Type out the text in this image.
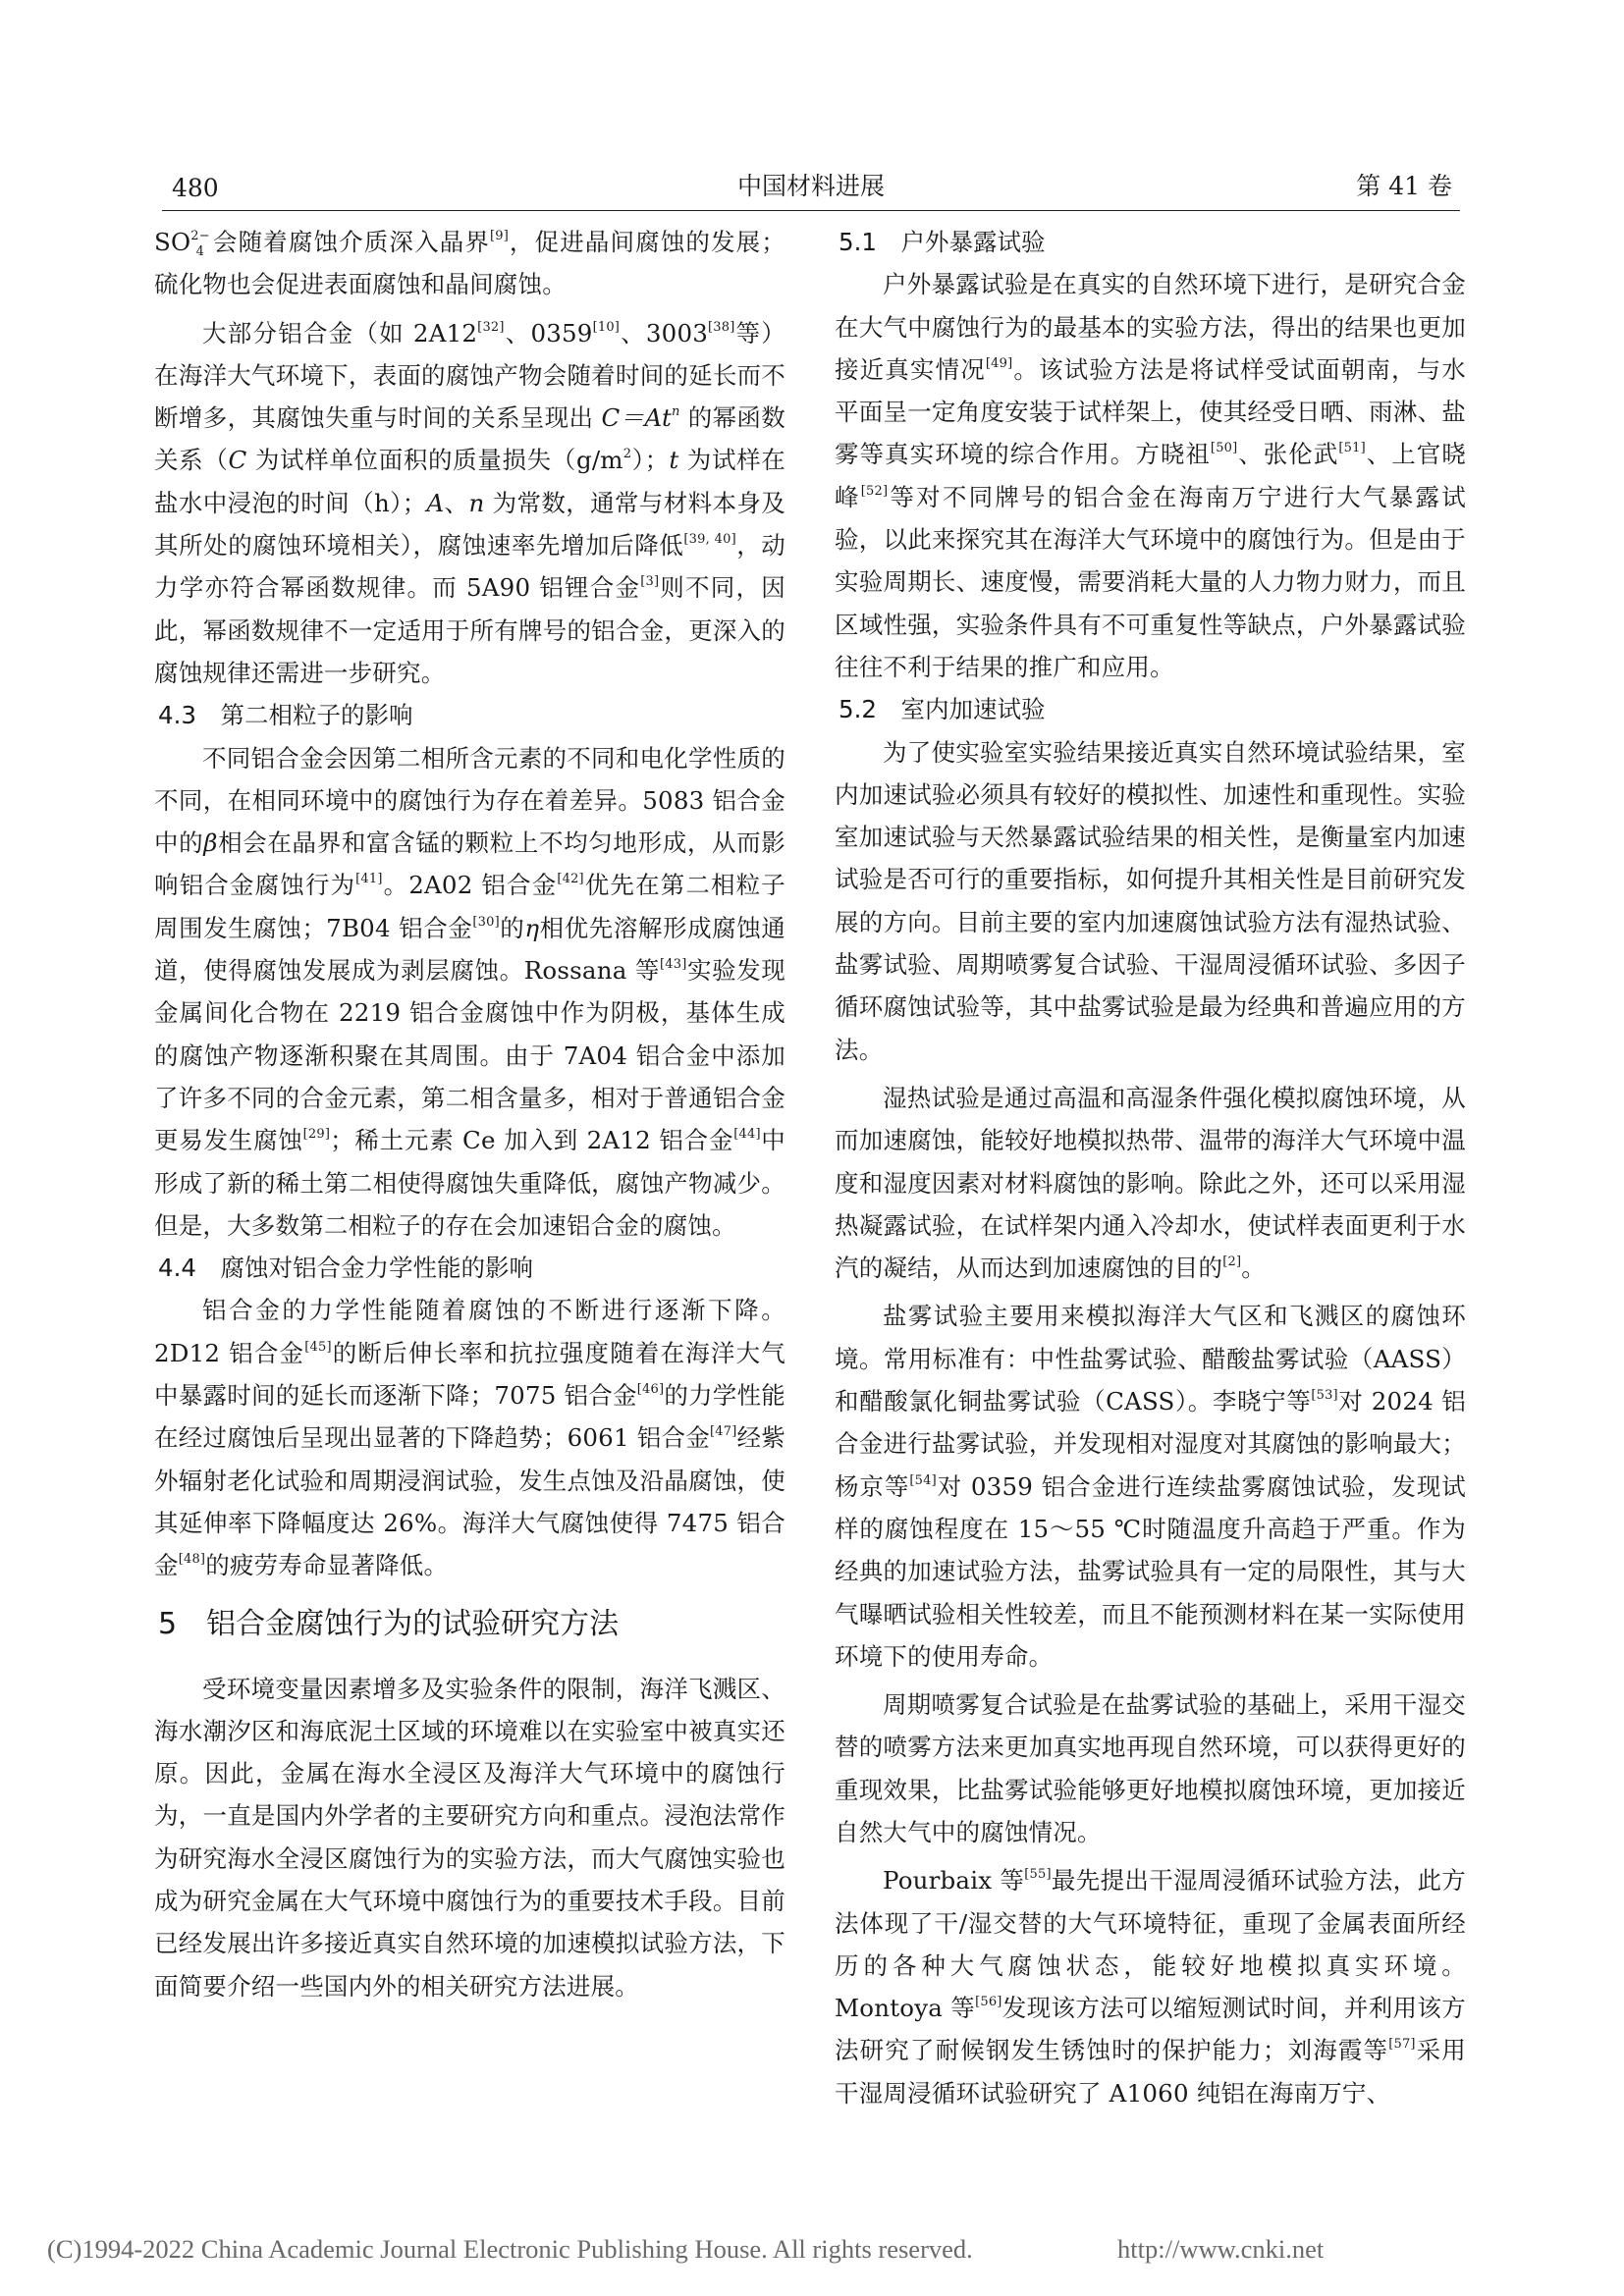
480	中国材料进展	第 41 卷

$SO^{2-}_4$ 会随着腐蚀介质深入晶界[9]，促进晶间腐蚀的发展；硫化物也会促进表面腐蚀和晶间腐蚀。

大部分铝合金（如 2A12[32]、0359[10]、3003[38]等）在海洋大气环境下，表面的腐蚀产物会随着时间的延长而不断增多，其腐蚀失重与时间的关系呈现出 C＝At$^n$ 的幂函数关系（C 为试样单位面积的质量损失（g/m$^2$）；t 为试样在盐水中浸泡的时间（h）；A、n 为常数，通常与材料本身及其所处的腐蚀环境相关），腐蚀速率先增加后降低[39, 40]，动力学亦符合幂函数规律。而 5A90 铝锂合金[3]则不同，因此，幂函数规律不一定适用于所有牌号的铝合金，更深入的腐蚀规律还需进一步研究。

4.3　第二相粒子的影响

不同铝合金会因第二相所含元素的不同和电化学性质的不同，在相同环境中的腐蚀行为存在着差异。5083 铝合金中的β相会在晶界和富含锰的颗粒上不均匀地形成，从而影响铝合金腐蚀行为[41]。2A02 铝合金[42]优先在第二相粒子周围发生腐蚀；7B04 铝合金[30]的η相优先溶解形成腐蚀通道，使得腐蚀发展成为剥层腐蚀。Rossana 等[43]实验发现金属间化合物在 2219 铝合金腐蚀中作为阴极，基体生成的腐蚀产物逐渐积聚在其周围。由于 7A04 铝合金中添加了许多不同的合金元素，第二相含量多，相对于普通铝合金更易发生腐蚀[29]；稀土元素 Ce 加入到 2A12 铝合金[44]中形成了新的稀土第二相使得腐蚀失重降低，腐蚀产物减少。但是，大多数第二相粒子的存在会加速铝合金的腐蚀。

4.4　腐蚀对铝合金力学性能的影响

铝合金的力学性能随着腐蚀的不断进行逐渐下降。2D12 铝合金[45]的断后伸长率和抗拉强度随着在海洋大气中暴露时间的延长而逐渐下降；7075 铝合金[46]的力学性能在经过腐蚀后呈现出显著的下降趋势；6061 铝合金[47]经紫外辐射老化试验和周期浸润试验，发生点蚀及沿晶腐蚀，使其延伸率下降幅度达 26%。海洋大气腐蚀使得 7475 铝合金[48]的疲劳寿命显著降低。

5　铝合金腐蚀行为的试验研究方法

受环境变量因素增多及实验条件的限制，海洋飞溅区、海水潮汐区和海底泥土区域的环境难以在实验室中被真实还原。因此，金属在海水全浸区及海洋大气环境中的腐蚀行为，一直是国内外学者的主要研究方向和重点。浸泡法常作为研究海水全浸区腐蚀行为的实验方法，而大气腐蚀实验也成为研究金属在大气环境中腐蚀行为的重要技术手段。目前已经发展出许多接近真实自然环境的加速模拟试验方法，下面简要介绍一些国内外的相关研究方法进展。

5.1　户外暴露试验

户外暴露试验是在真实的自然环境下进行，是研究合金在大气中腐蚀行为的最基本的实验方法，得出的结果也更加接近真实情况[49]。该试验方法是将试样受试面朝南，与水平面呈一定角度安装于试样架上，使其经受日晒、雨淋、盐雾等真实环境的综合作用。方晓祖[50]、张伦武[51]、上官晓峰[52]等对不同牌号的铝合金在海南万宁进行大气暴露试验，以此来探究其在海洋大气环境中的腐蚀行为。但是由于实验周期长、速度慢，需要消耗大量的人力物力财力，而且区域性强，实验条件具有不可重复性等缺点，户外暴露试验往往不利于结果的推广和应用。

5.2　室内加速试验

为了使实验室实验结果接近真实自然环境试验结果，室内加速试验必须具有较好的模拟性、加速性和重现性。实验室加速试验与天然暴露试验结果的相关性，是衡量室内加速试验是否可行的重要指标，如何提升其相关性是目前研究发展的方向。目前主要的室内加速腐蚀试验方法有湿热试验、盐雾试验、周期喷雾复合试验、干湿周浸循环试验、多因子循环腐蚀试验等，其中盐雾试验是最为经典和普遍应用的方法。

湿热试验是通过高温和高湿条件强化模拟腐蚀环境，从而加速腐蚀，能较好地模拟热带、温带的海洋大气环境中温度和湿度因素对材料腐蚀的影响。除此之外，还可以采用湿热凝露试验，在试样架内通入冷却水，使试样表面更利于水汽的凝结，从而达到加速腐蚀的目的[2]。

盐雾试验主要用来模拟海洋大气区和飞溅区的腐蚀环境。常用标准有：中性盐雾试验、醋酸盐雾试验（AASS）和醋酸氯化铜盐雾试验（CASS）。李晓宁等[53]对 2024 铝合金进行盐雾试验，并发现相对湿度对其腐蚀的影响最大；杨京等[54]对 0359 铝合金进行连续盐雾腐蚀试验，发现试样的腐蚀程度在 15～55 ℃时随温度升高趋于严重。作为经典的加速试验方法，盐雾试验具有一定的局限性，其与大气曝晒试验相关性较差，而且不能预测材料在某一实际使用环境下的使用寿命。

周期喷雾复合试验是在盐雾试验的基础上，采用干湿交替的喷雾方法来更加真实地再现自然环境，可以获得更好的重现效果，比盐雾试验能够更好地模拟腐蚀环境，更加接近自然大气中的腐蚀情况。

Pourbaix 等[55]最先提出干湿周浸循环试验方法，此方法体现了干/湿交替的大气环境特征，重现了金属表面所经历的各种大气腐蚀状态，能较好地模拟真实环境。Montoya 等[56]发现该方法可以缩短测试时间，并利用该方法研究了耐候钢发生锈蚀时的保护能力；刘海霞等[57]采用干湿周浸循环试验研究了 A1060 纯铝在海南万宁、

(C)1994-2022 China Academic Journal Electronic Publishing House. All rights reserved.	http://www.cnki.net
